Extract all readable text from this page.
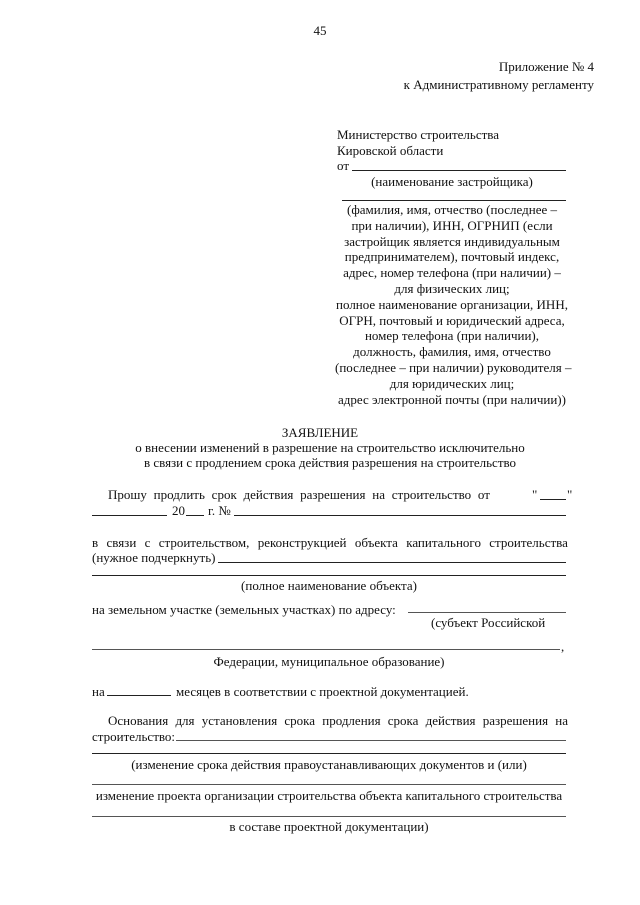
45
Приложение № 4
к Административному регламенту
Министерство строительства
Кировской области
от
(наименование застройщика)
(фамилия, имя, отчество (последнее –
при наличии), ИНН, ОГРНИП (если
застройщик является индивидуальным
предпринимателем), почтовый индекс,
адрес, номер телефона (при наличии) –
для физических лиц;
полное наименование организации, ИНН,
ОГРН, почтовый и юридический адреса,
номер телефона (при наличии),
должность, фамилия, имя, отчество
(последнее – при наличии) руководителя –
для юридических лиц;
адрес электронной почты (при наличии))
ЗАЯВЛЕНИЕ
о внесении изменений в разрешение на строительство исключительно
в связи с продлением срока действия разрешения на строительство
Прошу продлить срок действия разрешения на строительство от	" "
20 г. №
в связи с строительством, реконструкцией объекта капитального строительства
(нужное подчеркнуть)
(полное наименование объекта)
на земельном участке (земельных участках) по адресу:
(субъект Российской
,
Федерации, муниципальное образование)
на	месяцев в соответствии с проектной документацией.
Основания для установления срока продления срока действия разрешения на
строительство:
(изменение срока действия правоустанавливающих документов и (или)
изменение проекта организации строительства объекта капитального строительства
в составе проектной документации)
